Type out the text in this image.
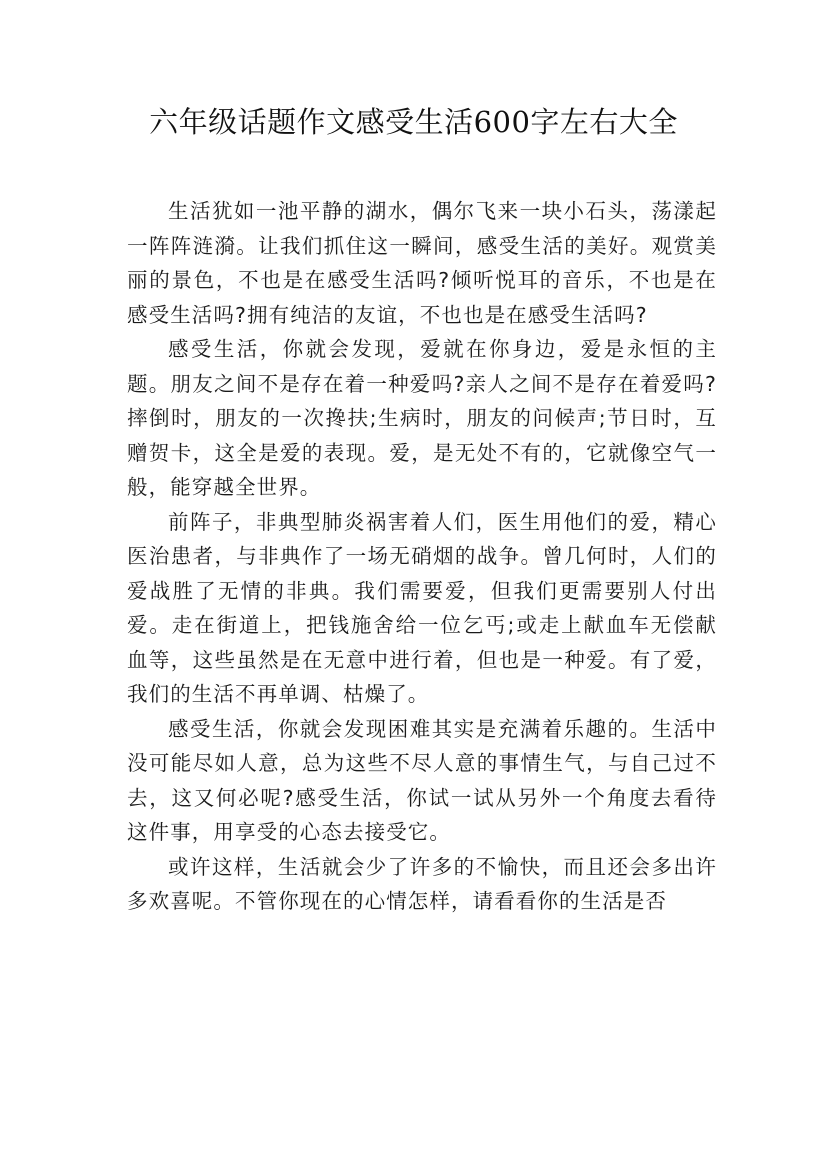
六年级话题作文感受生活600字左右大全

生活犹如一池平静的湖水，偶尔飞来一块小石头，荡漾起一阵阵涟漪。让我们抓住这一瞬间，感受生活的美好。观赏美丽的景色，不也是在感受生活吗?倾听悦耳的音乐，不也是在感受生活吗?拥有纯洁的友谊，不也也是在感受生活吗?

感受生活，你就会发现，爱就在你身边，爱是永恒的主题。朋友之间不是存在着一种爱吗?亲人之间不是存在着爱吗?摔倒时，朋友的一次搀扶;生病时，朋友的问候声;节日时，互赠贺卡，这全是爱的表现。爱，是无处不有的，它就像空气一般，能穿越全世界。

前阵子，非典型肺炎祸害着人们，医生用他们的爱，精心医治患者，与非典作了一场无硝烟的战争。曾几何时，人们的爱战胜了无情的非典。我们需要爱，但我们更需要别人付出爱。走在街道上，把钱施舍给一位乞丐;或走上献血车无偿献血等，这些虽然是在无意中进行着，但也是一种爱。有了爱，我们的生活不再单调、枯燥了。

感受生活，你就会发现困难其实是充满着乐趣的。生活中没可能尽如人意，总为这些不尽人意的事情生气，与自己过不去，这又何必呢?感受生活，你试一试从另外一个角度去看待这件事，用享受的心态去接受它。

或许这样，生活就会少了许多的不愉快，而且还会多出许多欢喜呢。不管你现在的心情怎样，请看看你的生活是否
